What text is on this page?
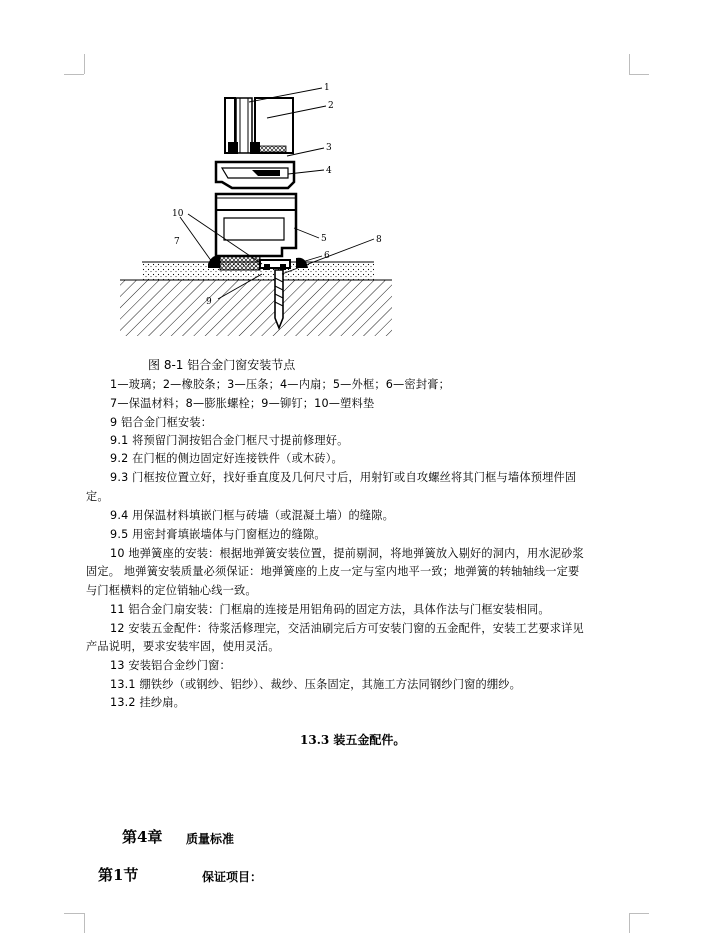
1
2
3
4
5
6
7	8
9
10
图 8-1 铝合金门窗安装节点
1—玻璃；2—橡胶条；3—压条；4—内扇；5—外框；6—密封膏；
7—保温材料；8—膨胀螺栓；9—铆钉；10—塑料垫
9 铝合金门框安装：
9.1 将预留门洞按铝合金门框尺寸提前修理好。
9.2 在门框的侧边固定好连接铁件（或木砖）。
9.3 门框按位置立好，找好垂直度及几何尺寸后，用射钉或自攻螺丝将其门框与墙体预埋件固
定。
9.4 用保温材料填嵌门框与砖墙（或混凝土墙）的缝隙。
9.5 用密封膏填嵌墙体与门窗框边的缝隙。
10 地弹簧座的安装：根据地弹簧安装位置，提前剔洞，将地弹簧放入剔好的洞内，用水泥砂浆
固定。 地弹簧安装质量必须保证：地弹簧座的上皮一定与室内地平一致；地弹簧的转轴轴线一定要
与门框横料的定位销轴心线一致。
11 铝合金门扇安装：门框扇的连接是用铝角码的固定方法，具体作法与门框安装相同。
12 安装五金配件：待浆活修理完，交活油刷完后方可安装门窗的五金配件，安装工艺要求详见
产品说明，要求安装牢固，使用灵活。
13 安装铝合金纱门窗：
13.1 绷铁纱（或钢纱、铝纱）、裁纱、压条固定，其施工方法同钢纱门窗的绷纱。
13.2 挂纱扇。
13.3 装五金配件。
第4章 质量标准
第1节	保证项目：
